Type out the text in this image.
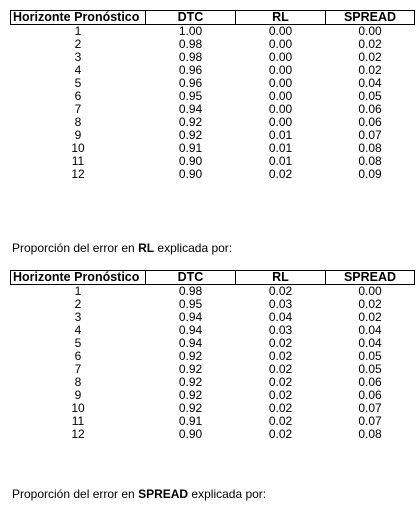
Horizonte Pronóstico	DTC	RL	SPREAD
1	1.00	0.00	0.00
2	0.98	0.00	0.02
3	0.98	0.00	0.02
4	0.96	0.00	0.02
5	0.96	0.00	0.04
6	0.95	0.00	0.05
7	0.94	0.00	0.06
8	0.92	0.00	0.06
9	0.92	0.01	0.07
10	0.91	0.01	0.08
11	0.90	0.01	0.08
12	0.90	0.02	0.09
Proporción del error en RL explicada por:
Horizonte Pronóstico	DTC	RL	SPREAD
1	0.98	0.02	0.00
2	0.95	0.03	0.02
3	0.94	0.04	0.02
4	0.94	0.03	0.04
5	0.94	0.02	0.04
6	0.92	0.02	0.05
7	0.92	0.02	0.05
8	0.92	0.02	0.06
9	0.92	0.02	0.06
10	0.92	0.02	0.07
11	0.91	0.02	0.07
12	0.90	0.02	0.08
Proporción del error en SPREAD explicada por:
